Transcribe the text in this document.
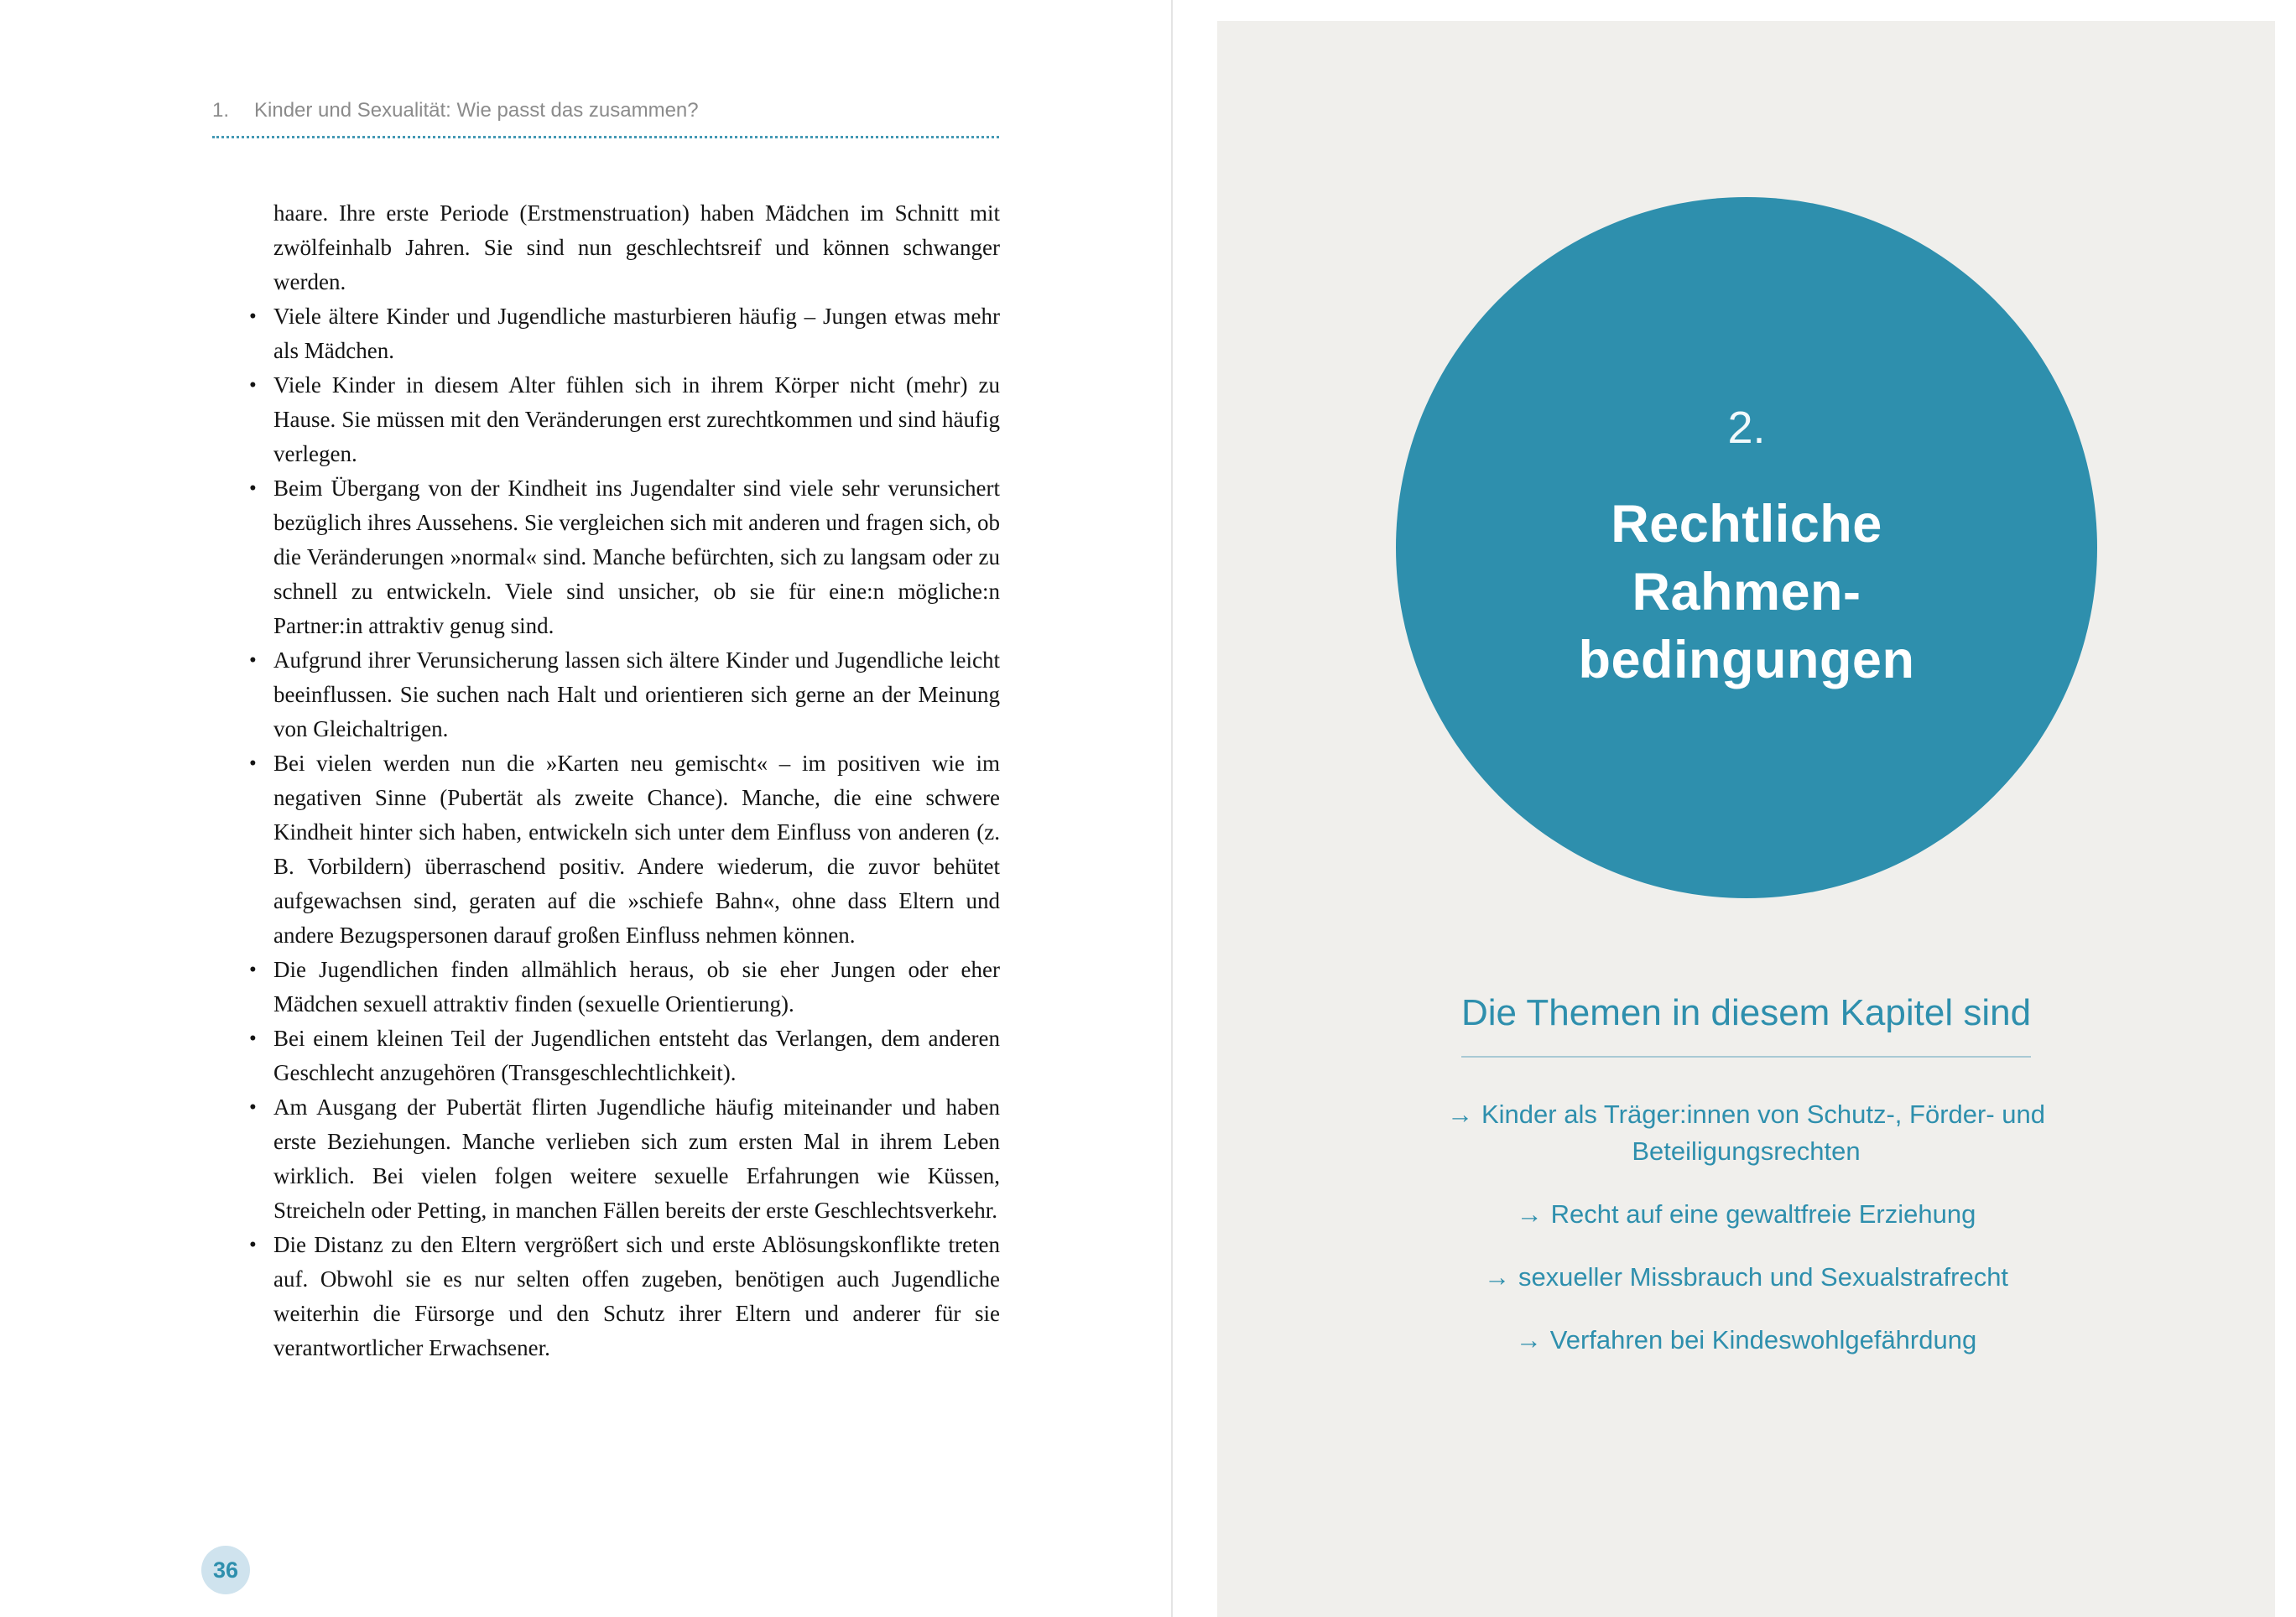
1. Kinder und Sexualität: Wie passt das zusammen?

haare. Ihre erste Periode (Erstmenstruation) haben Mädchen im Schnitt mit zwölfeinhalb Jahren. Sie sind nun geschlechtsreif und können schwanger werden.

• Viele ältere Kinder und Jugendliche masturbieren häufig – Jungen etwas mehr als Mädchen.
• Viele Kinder in diesem Alter fühlen sich in ihrem Körper nicht (mehr) zu Hause. Sie müssen mit den Veränderungen erst zurechtkommen und sind häufig verlegen.
• Beim Übergang von der Kindheit ins Jugendalter sind viele sehr verunsichert bezüglich ihres Aussehens. Sie vergleichen sich mit anderen und fragen sich, ob die Veränderungen »normal« sind. Manche befürchten, sich zu langsam oder zu schnell zu entwickeln. Viele sind unsicher, ob sie für eine:n mögliche:n Partner:in attraktiv genug sind.
• Aufgrund ihrer Verunsicherung lassen sich ältere Kinder und Jugendliche leicht beeinflussen. Sie suchen nach Halt und orientieren sich gerne an der Meinung von Gleichaltrigen.
• Bei vielen werden nun die »Karten neu gemischt« – im positiven wie im negativen Sinne (Pubertät als zweite Chance). Manche, die eine schwere Kindheit hinter sich haben, entwickeln sich unter dem Einfluss von anderen (z. B. Vorbildern) überraschend positiv. Andere wiederum, die zuvor behütet aufgewachsen sind, geraten auf die »schiefe Bahn«, ohne dass Eltern und andere Bezugspersonen darauf großen Einfluss nehmen können.
• Die Jugendlichen finden allmählich heraus, ob sie eher Jungen oder eher Mädchen sexuell attraktiv finden (sexuelle Orientierung).
• Bei einem kleinen Teil der Jugendlichen entsteht das Verlangen, dem anderen Geschlecht anzugehören (Transgeschlechtlichkeit).
• Am Ausgang der Pubertät flirten Jugendliche häufig miteinander und haben erste Beziehungen. Manche verlieben sich zum ersten Mal in ihrem Leben wirklich. Bei vielen folgen weitere sexuelle Erfahrungen wie Küssen, Streicheln oder Petting, in manchen Fällen bereits der erste Geschlechtsverkehr.
• Die Distanz zu den Eltern vergrößert sich und erste Ablösungskonflikte treten auf. Obwohl sie es nur selten offen zugeben, benötigen auch Jugendliche weiterhin die Fürsorge und den Schutz ihrer Eltern und anderer für sie verantwortlicher Erwachsener.
36
2.
Rechtliche
Rahmen-
bedingungen
Die Themen in diesem Kapitel sind
→ Kinder als Träger:innen von Schutz-, Förder- und Beteiligungsrechten
→ Recht auf eine gewaltfreie Erziehung
→ sexueller Missbrauch und Sexualstrafrecht
→ Verfahren bei Kindeswohlgefährdung
